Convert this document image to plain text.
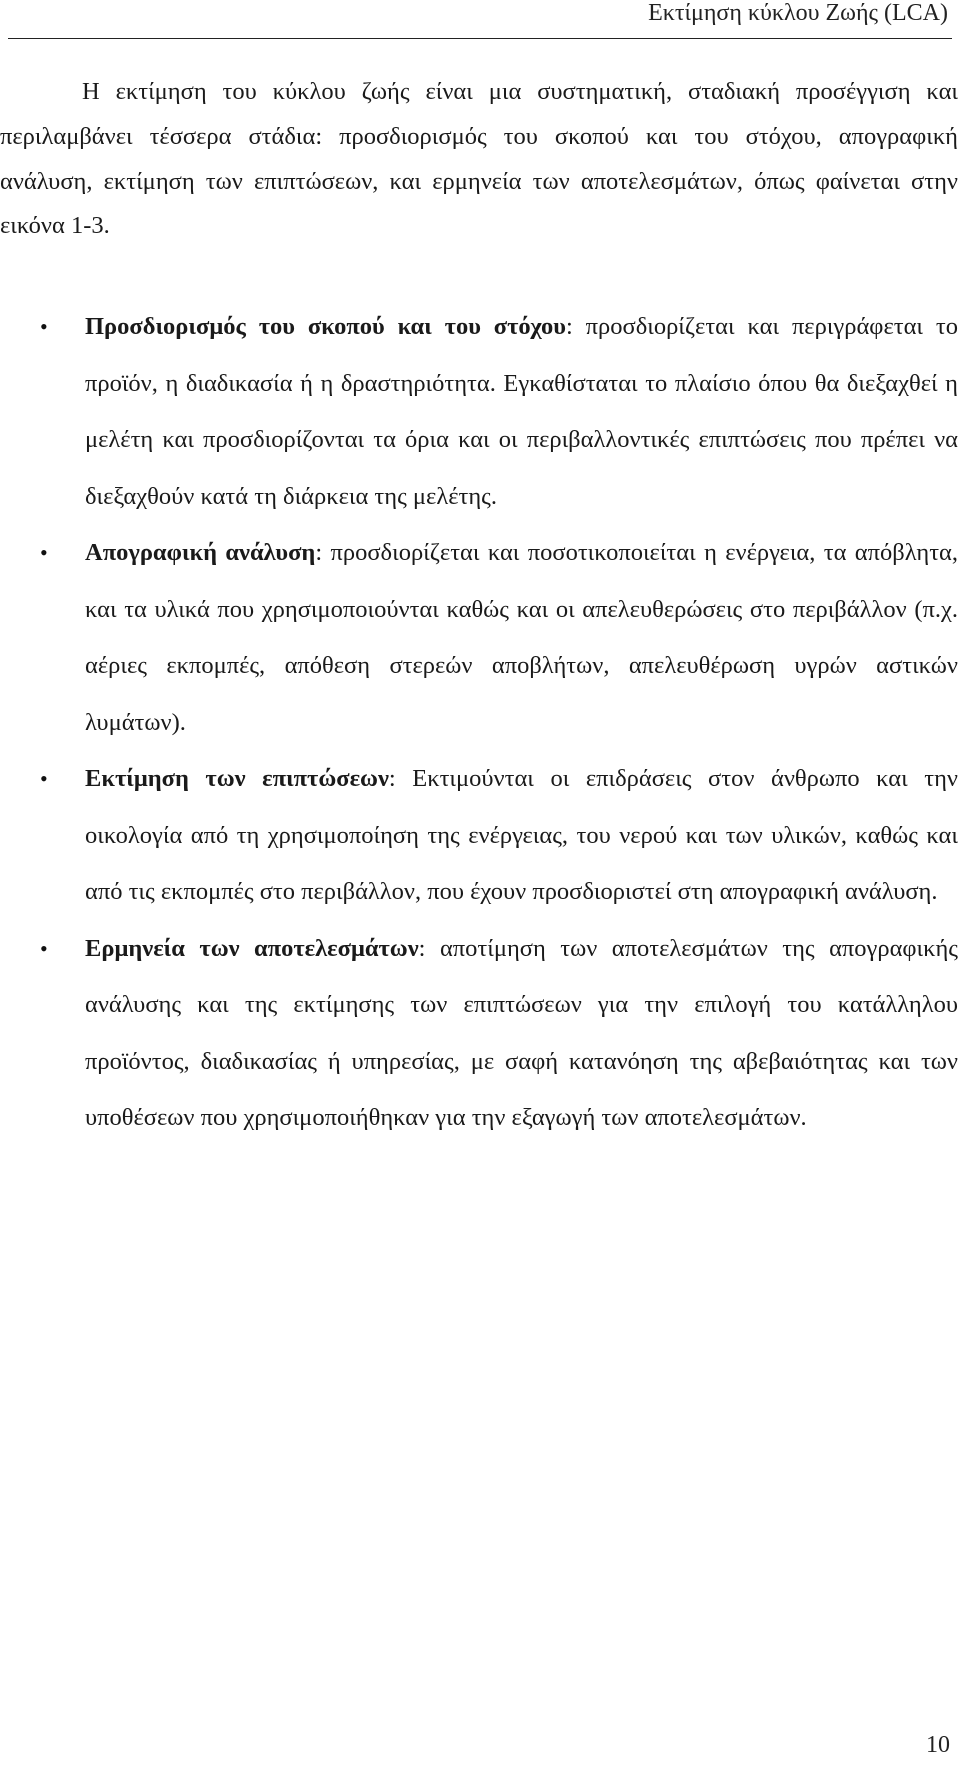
Εκτίμηση κύκλου Ζωής (LCA)

Η εκτίμηση του κύκλου ζωής είναι μια συστηματική, σταδιακή προσέγγιση και περιλαμβάνει τέσσερα στάδια: προσδιορισμός του σκοπού και του στόχου, απογραφική ανάλυση, εκτίμηση των επιπτώσεων, και ερμηνεία των αποτελεσμάτων, όπως φαίνεται στην εικόνα 1-3.

• Προσδιορισμός του σκοπού και του στόχου: προσδιορίζεται και περιγράφεται το προϊόν, η διαδικασία ή η δραστηριότητα. Εγκαθίσταται το πλαίσιο όπου θα διεξαχθεί η μελέτη και προσδιορίζονται τα όρια και οι περιβαλλοντικές επιπτώσεις που πρέπει να διεξαχθούν κατά τη διάρκεια της μελέτης.
• Απογραφική ανάλυση: προσδιορίζεται και ποσοτικοποιείται η ενέργεια, τα απόβλητα, και τα υλικά που χρησιμοποιούνται καθώς και οι απελευθερώσεις στο περιβάλλον (π.χ. αέριες εκπομπές, απόθεση στερεών αποβλήτων, απελευθέρωση υγρών αστικών λυμάτων).
• Εκτίμηση των επιπτώσεων: Εκτιμούνται οι επιδράσεις στον άνθρωπο και την οικολογία από τη χρησιμοποίηση της ενέργειας, του νερού και των υλικών, καθώς και από τις εκπομπές στο περιβάλλον, που έχουν προσδιοριστεί στη απογραφική ανάλυση.
• Ερμηνεία των αποτελεσμάτων: αποτίμηση των αποτελεσμάτων της απογραφικής ανάλυσης και της εκτίμησης των επιπτώσεων για την επιλογή του κατάλληλου προϊόντος, διαδικασίας ή υπηρεσίας, με σαφή κατανόηση της αβεβαιότητας και των υποθέσεων που χρησιμοποιήθηκαν για την εξαγωγή των αποτελεσμάτων.
10
